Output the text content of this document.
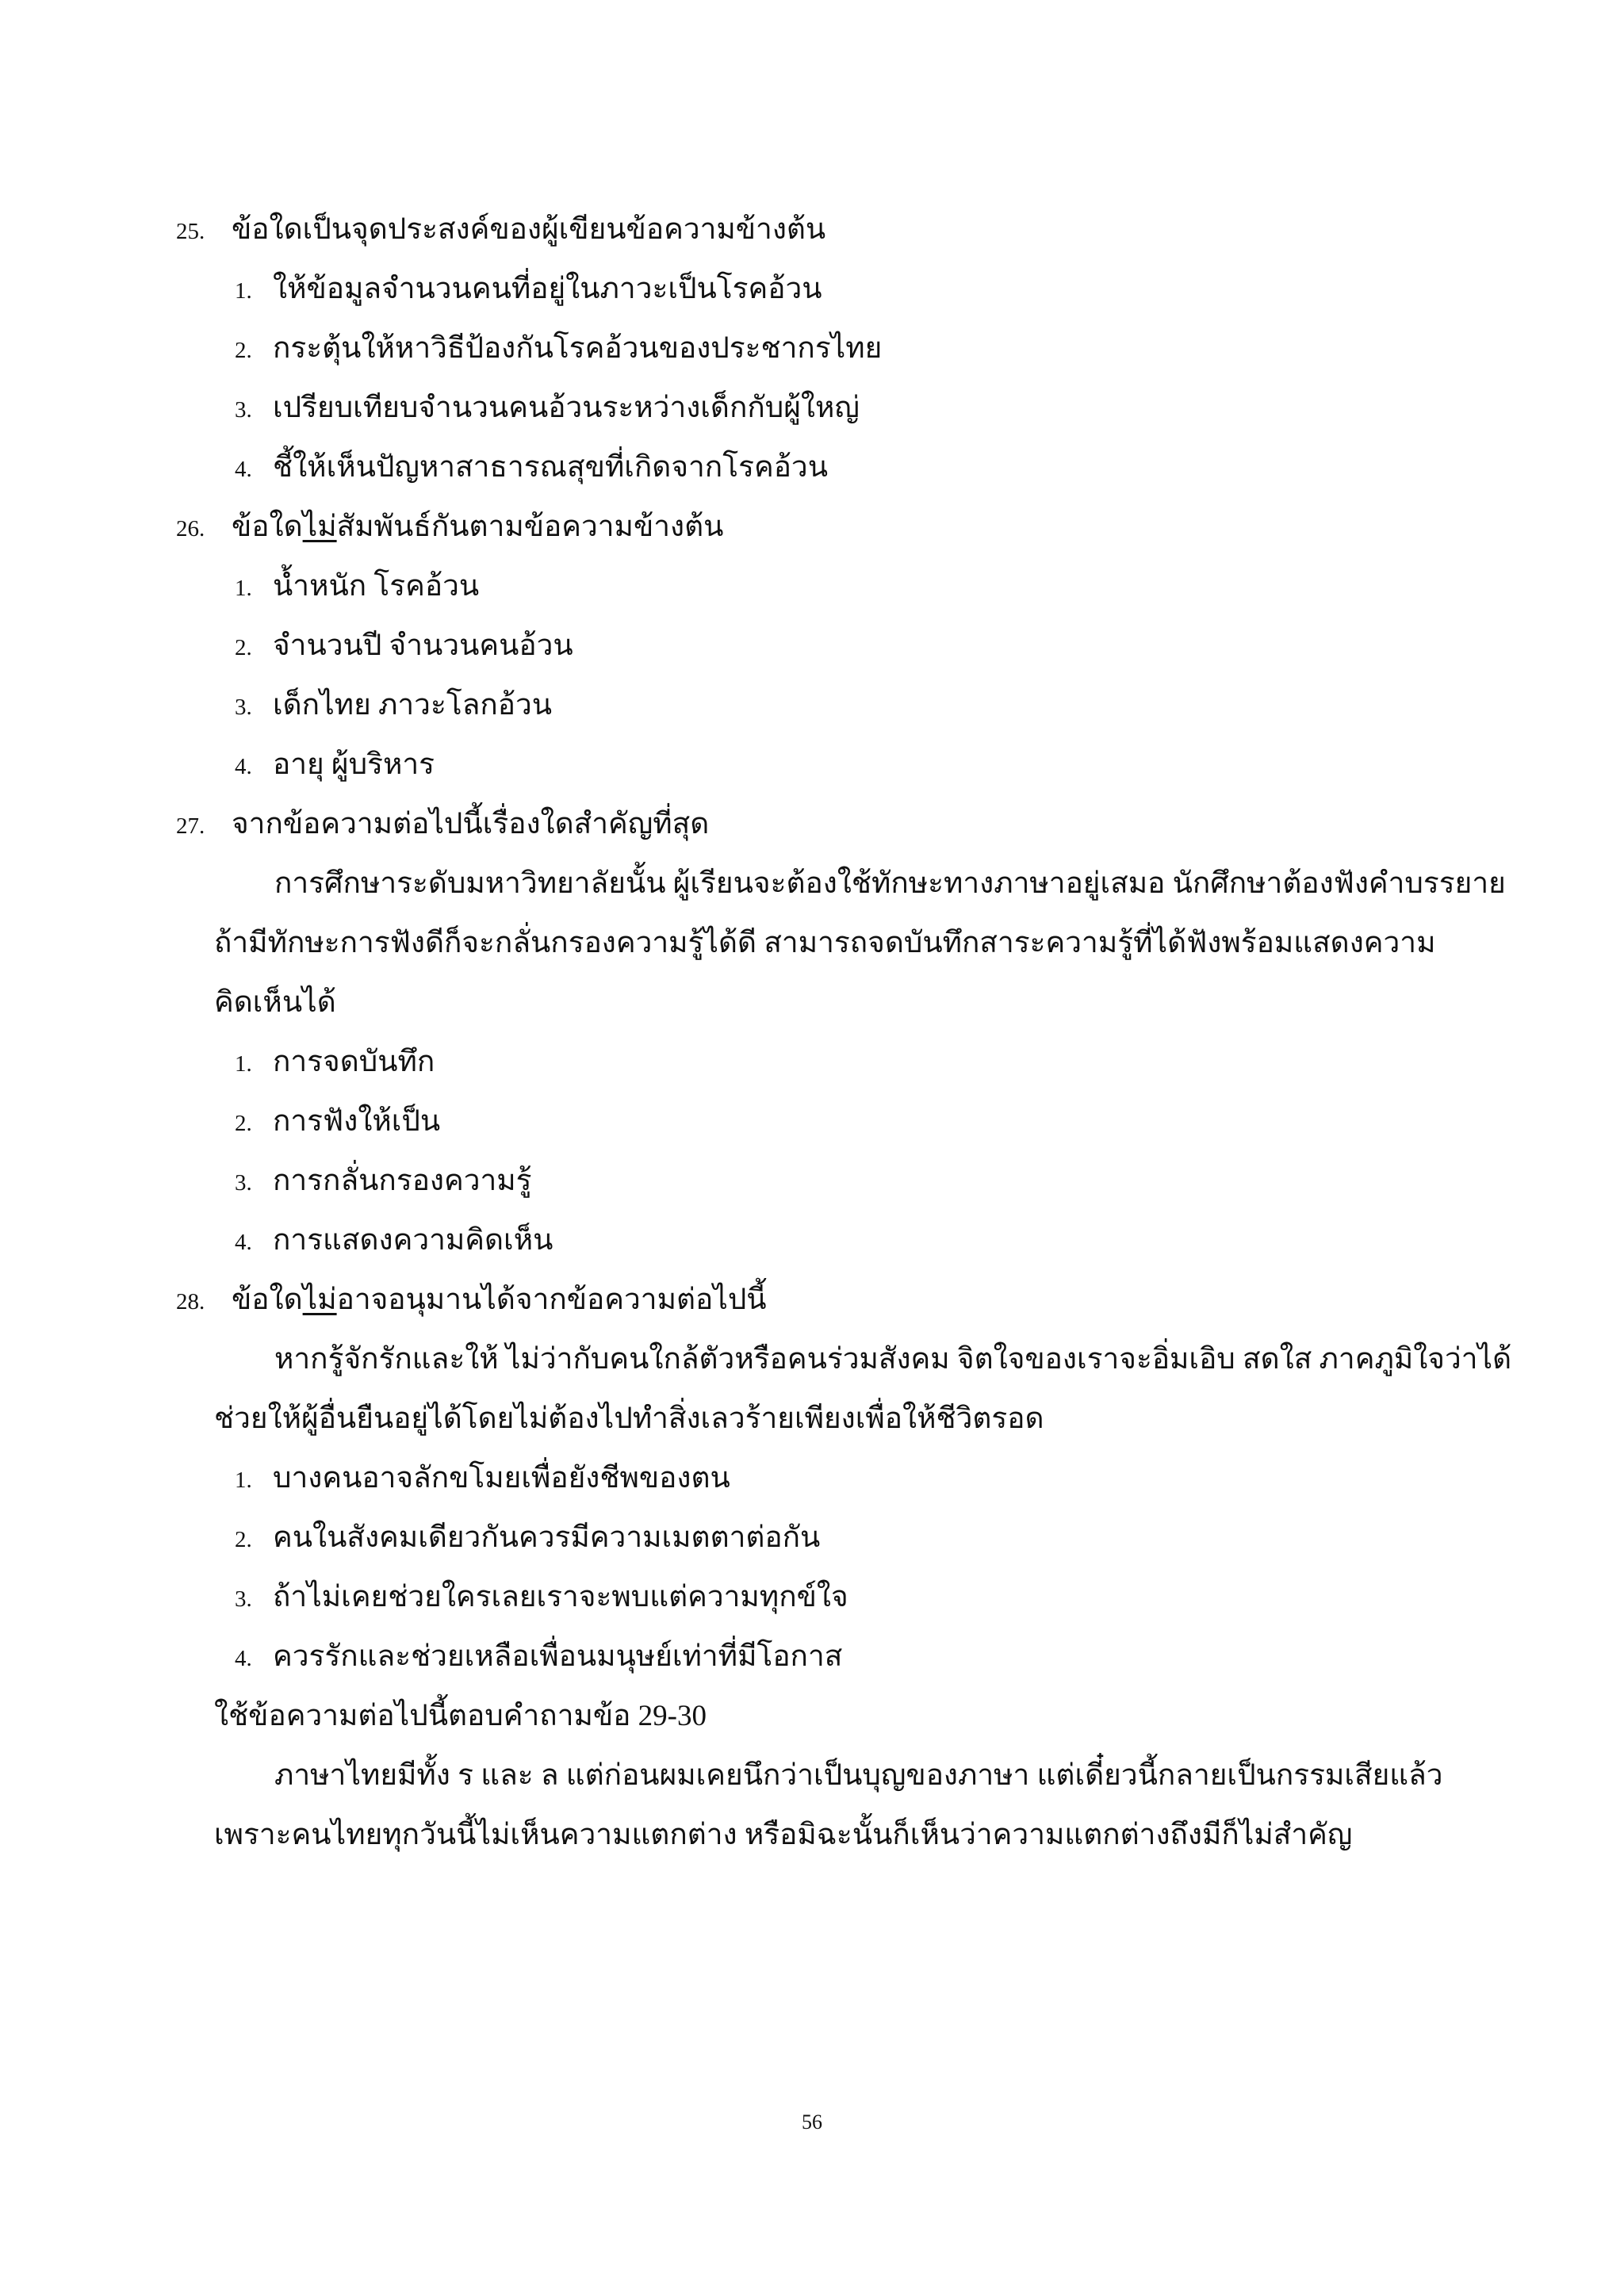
25. ข้อใดเป็นจุดประสงค์ของผู้เขียนข้อความข้างต้น
1. ให้ข้อมูลจำนวนคนที่อยู่ในภาวะเป็นโรคอ้วน
2. กระตุ้นให้หาวิธีป้องกันโรคอ้วนของประชากรไทย
3. เปรียบเทียบจำนวนคนอ้วนระหว่างเด็กกับผู้ใหญ่
4. ชี้ให้เห็นปัญหาสาธารณสุขที่เกิดจากโรคอ้วน
26. ข้อใดไม่สัมพันธ์กันตามข้อความข้างต้น
1. น้ำหนัก โรคอ้วน
2. จำนวนปี จำนวนคนอ้วน
3. เด็กไทย ภาวะโลกอ้วน
4. อายุ ผู้บริหาร
27. จากข้อความต่อไปนี้เรื่องใดสำคัญที่สุด
การศึกษาระดับมหาวิทยาลัยนั้น ผู้เรียนจะต้องใช้ทักษะทางภาษาอยู่เสมอ นักศึกษาต้องฟังคำบรรยาย
ถ้ามีทักษะการฟังดีก็จะกลั่นกรองความรู้ได้ดี สามารถจดบันทึกสาระความรู้ที่ได้ฟังพร้อมแสดงความ
คิดเห็นได้
1. การจดบันทึก
2. การฟังให้เป็น
3. การกลั่นกรองความรู้
4. การแสดงความคิดเห็น
28. ข้อใดไม่อาจอนุมานได้จากข้อความต่อไปนี้
หากรู้จักรักและให้ ไม่ว่ากับคนใกล้ตัวหรือคนร่วมสังคม จิตใจของเราจะอิ่มเอิบ สดใส ภาคภูมิใจว่าได้
ช่วยให้ผู้อื่นยืนอยู่ได้โดยไม่ต้องไปทำสิ่งเลวร้ายเพียงเพื่อให้ชีวิตรอด
1. บางคนอาจลักขโมยเพื่อยังชีพของตน
2. คนในสังคมเดียวกันควรมีความเมตตาต่อกัน
3. ถ้าไม่เคยช่วยใครเลยเราจะพบแต่ความทุกข์ใจ
4. ควรรักและช่วยเหลือเพื่อนมนุษย์เท่าที่มีโอกาส
ใช้ข้อความต่อไปนี้ตอบคำถามข้อ 29-30
ภาษาไทยมีทั้ง ร และ ล แต่ก่อนผมเคยนึกว่าเป็นบุญของภาษา แต่เดี๋ยวนี้กลายเป็นกรรมเสียแล้ว
เพราะคนไทยทุกวันนี้ไม่เห็นความแตกต่าง หรือมิฉะนั้นก็เห็นว่าความแตกต่างถึงมีก็ไม่สำคัญ
56
